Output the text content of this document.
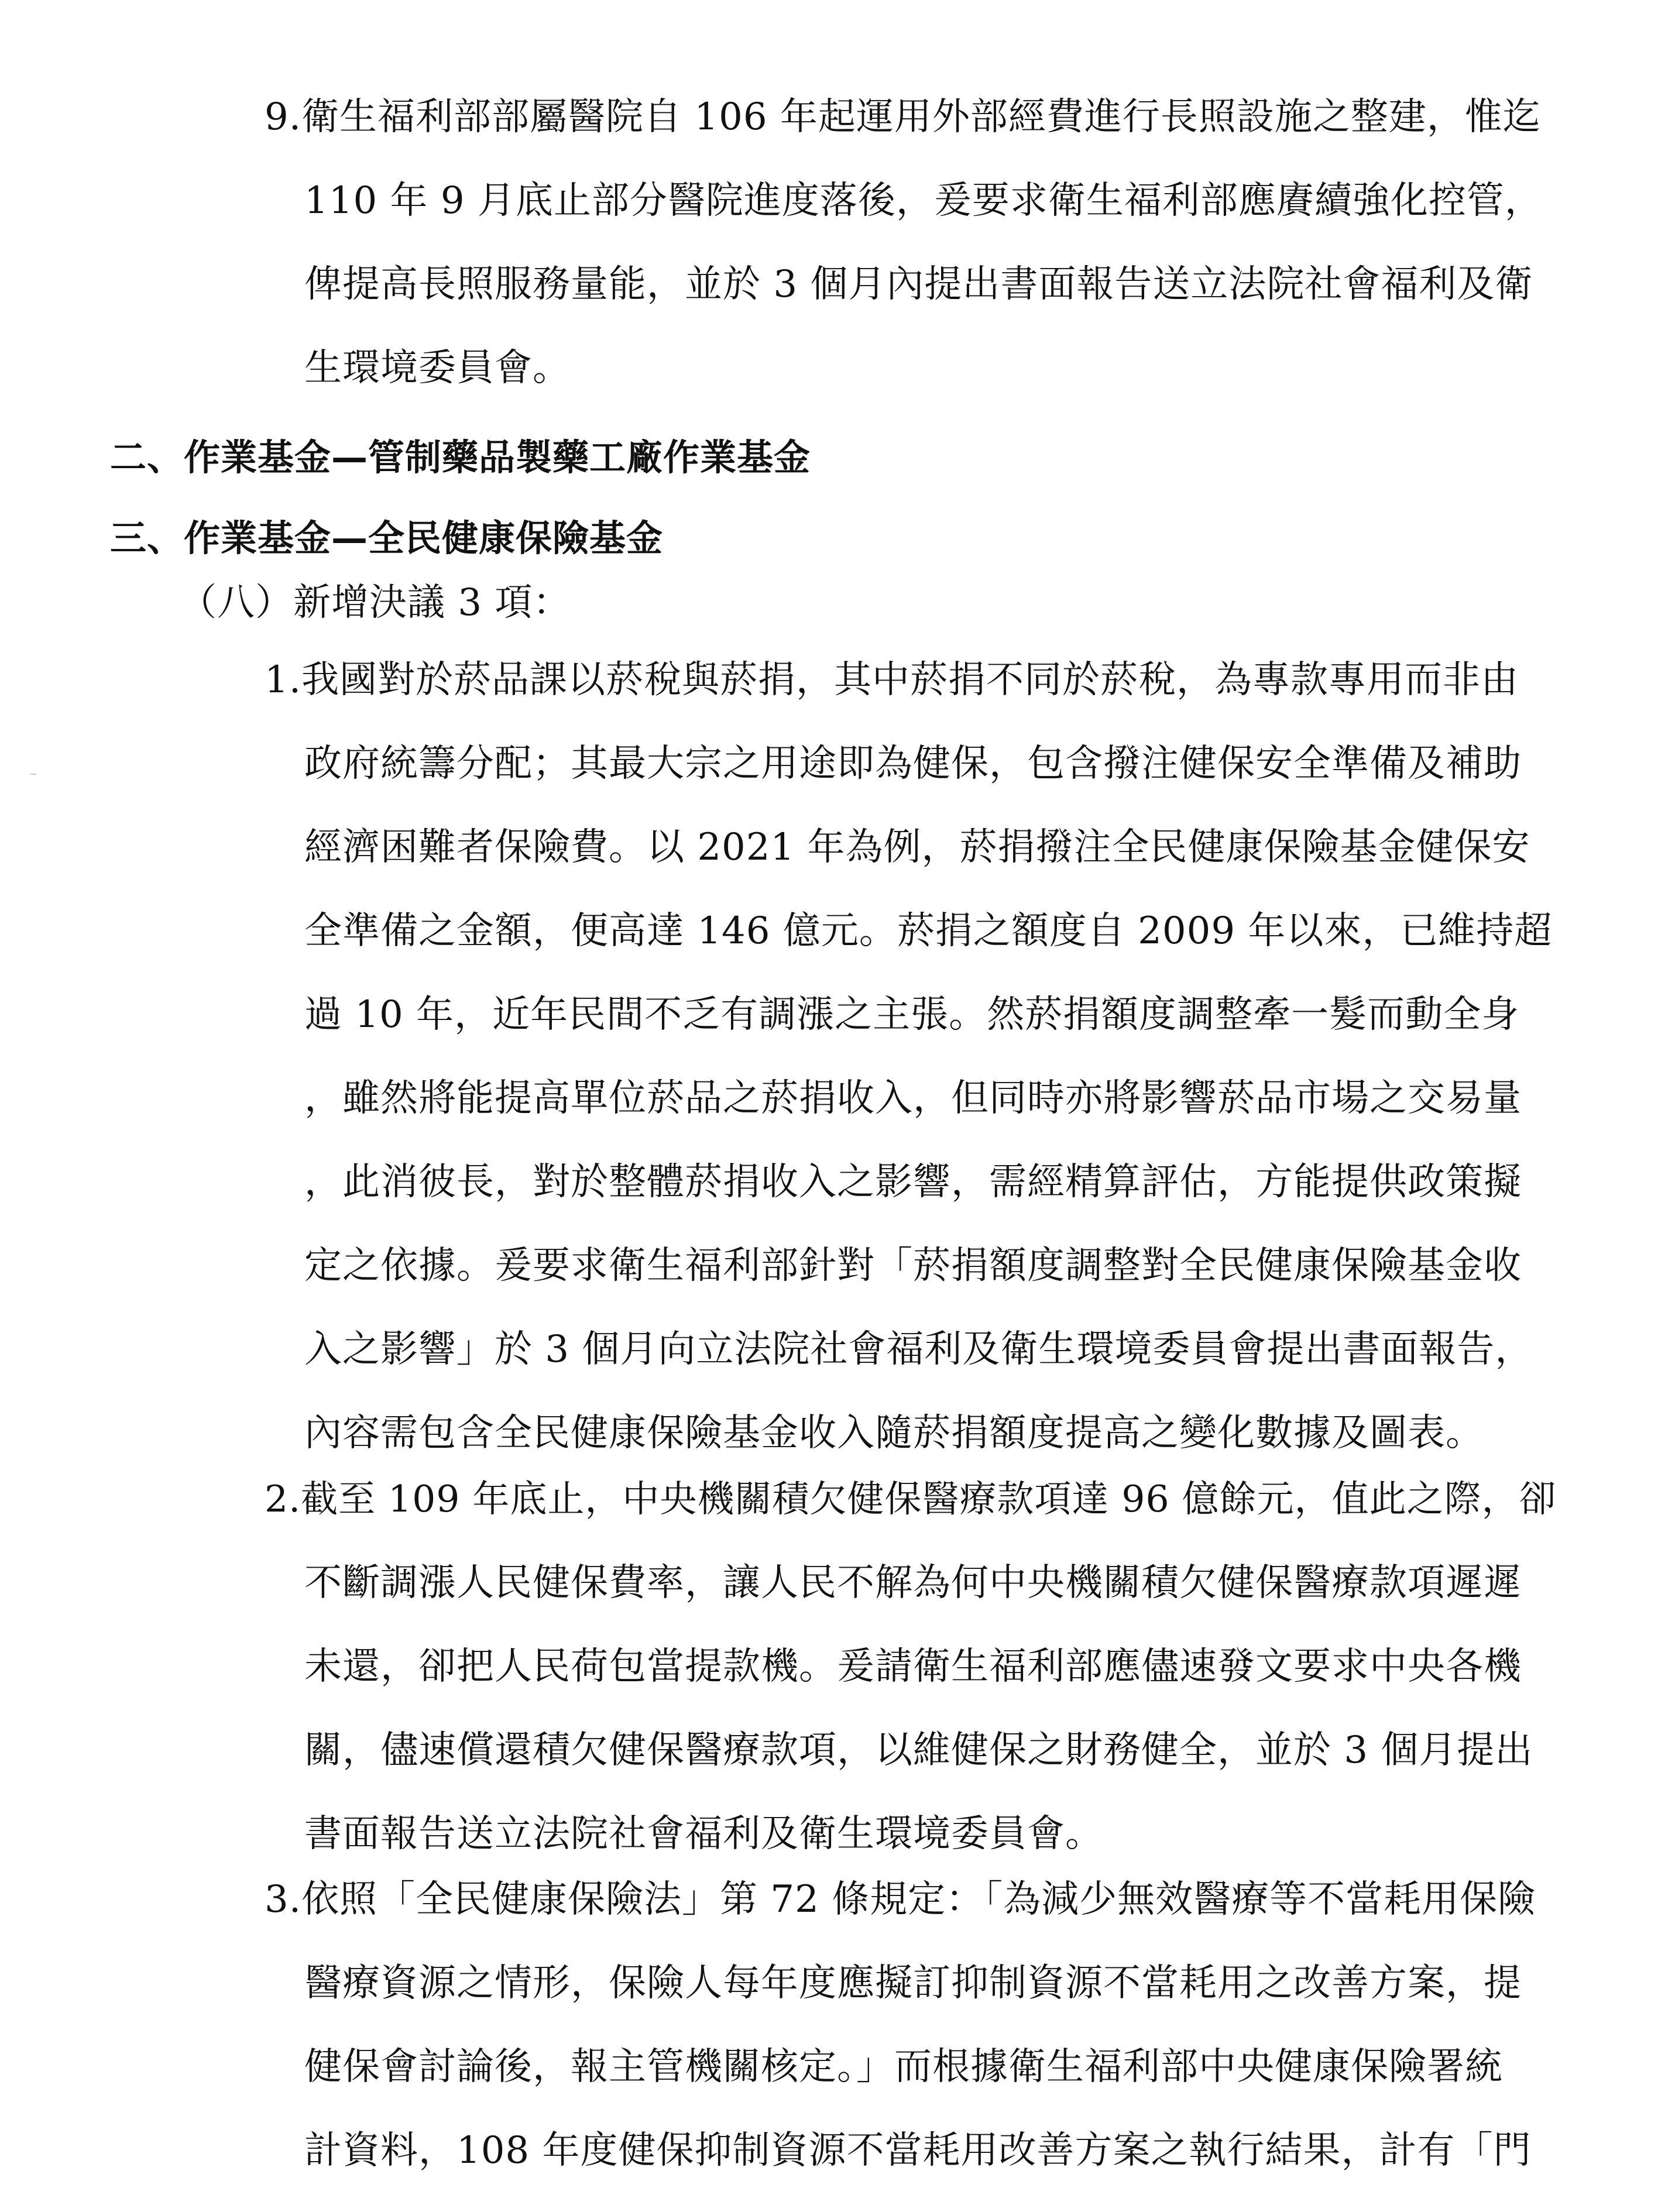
9.衛生福利部部屬醫院自 106 年起運用外部經費進行長照設施之整建，惟迄
110 年 9 月底止部分醫院進度落後，爰要求衛生福利部應賡續強化控管，
俾提高長照服務量能，並於 3 個月內提出書面報告送立法院社會福利及衛
生環境委員會。
二、作業基金—管制藥品製藥工廠作業基金
三、作業基金—全民健康保險基金
（八）新增決議 3 項：
1.我國對於菸品課以菸稅與菸捐，其中菸捐不同於菸稅，為專款專用而非由
政府統籌分配；其最大宗之用途即為健保，包含撥注健保安全準備及補助
經濟困難者保險費。以 2021 年為例，菸捐撥注全民健康保險基金健保安
全準備之金額，便高達 146 億元。菸捐之額度自 2009 年以來，已維持超
過 10 年，近年民間不乏有調漲之主張。然菸捐額度調整牽一髮而動全身
，雖然將能提高單位菸品之菸捐收入，但同時亦將影響菸品市場之交易量
，此消彼長，對於整體菸捐收入之影響，需經精算評估，方能提供政策擬
定之依據。爰要求衛生福利部針對「菸捐額度調整對全民健康保險基金收
入之影響」於 3 個月向立法院社會福利及衛生環境委員會提出書面報告，
內容需包含全民健康保險基金收入隨菸捐額度提高之變化數據及圖表。
2.截至 109 年底止，中央機關積欠健保醫療款項達 96 億餘元，值此之際，卻
不斷調漲人民健保費率，讓人民不解為何中央機關積欠健保醫療款項遲遲
未還，卻把人民荷包當提款機。爰請衛生福利部應儘速發文要求中央各機
關，儘速償還積欠健保醫療款項，以維健保之財務健全，並於 3 個月提出
書面報告送立法院社會福利及衛生環境委員會。
3.依照「全民健康保險法」第 72 條規定：「為減少無效醫療等不當耗用保險
醫療資源之情形，保險人每年度應擬訂抑制資源不當耗用之改善方案，提
健保會討論後，報主管機關核定。」而根據衛生福利部中央健康保險署統
計資料，108 年度健保抑制資源不當耗用改善方案之執行結果，計有「門
